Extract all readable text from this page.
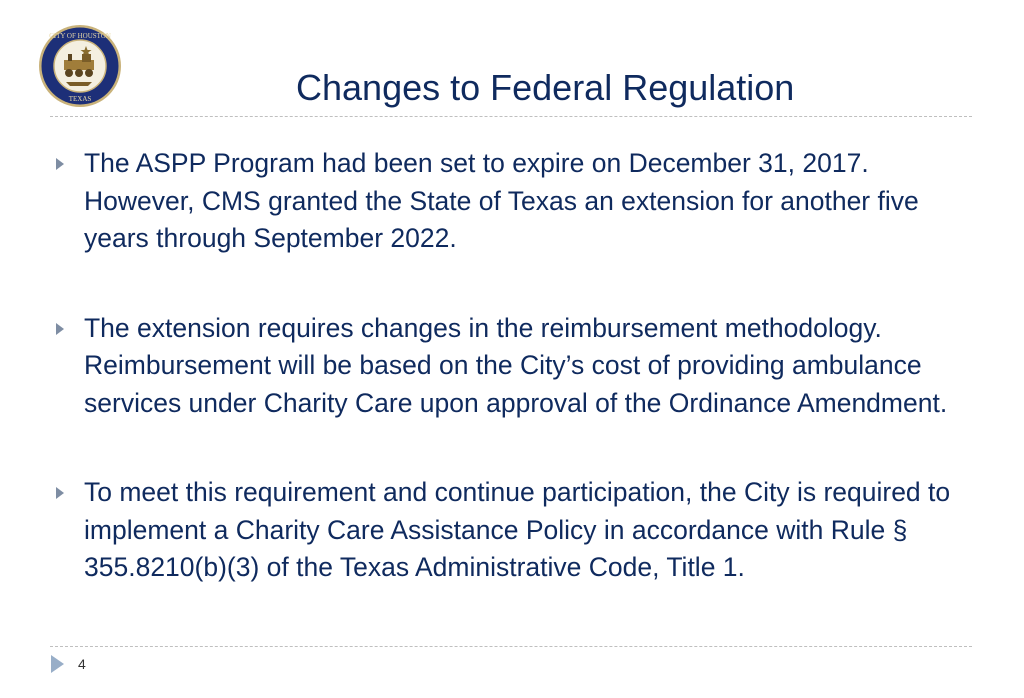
CITY OF HOUSTON
TEXAS	Changes to Federal Regulation
The ASPP Program had been set to expire on December 31, 2017. However, CMS granted the State of Texas an extension for another five years through September 2022.
The extension requires changes in the reimbursement methodology. Reimbursement will be based on the City’s cost of providing ambulance services under Charity Care upon approval of the Ordinance Amendment.
To meet this requirement and continue participation, the City is required to implement a Charity Care Assistance Policy in accordance with Rule § 355.8210(b)(3) of the Texas Administrative Code, Title 1.
4
